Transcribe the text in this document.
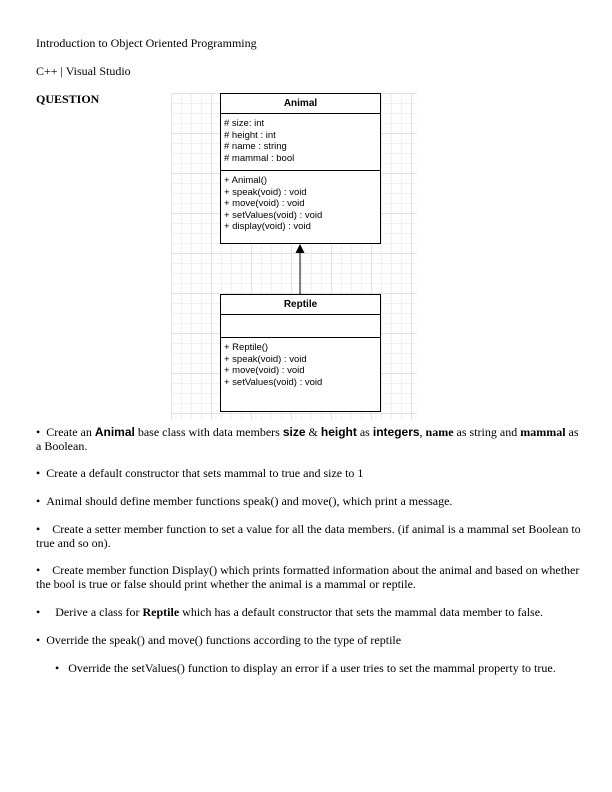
Introduction to Object Oriented Programming
C++ | Visual Studio
QUESTION	Animal
# size: int
# height : int
# name : string
# mammal : bool
+ Animal()
+ speak(void) : void
+ move(void) : void
+ setValues(void) : void
+ display(void) : void
Reptile
+ Reptile()
+ speak(void) : void
+ move(void) : void
+ setValues(void) : void
• Create an Animal base class with data members size & height as integers, name as string and mammal as a Boolean.
• Create a default constructor that sets mammal to true and size to 1
• Animal should define member functions speak() and move(), which print a message.
• Create a setter member function to set a value for all the data members. (if animal is a mammal set Boolean to true and so on).
• Create member function Display() which prints formatted information about the animal and based on whether the bool is true or false should print whether the animal is a mammal or reptile.
• Derive a class for Reptile which has a default constructor that sets the mammal data member to false.
• Override the speak() and move() functions according to the type of reptile
• Override the setValues() function to display an error if a user tries to set the mammal property to true.
